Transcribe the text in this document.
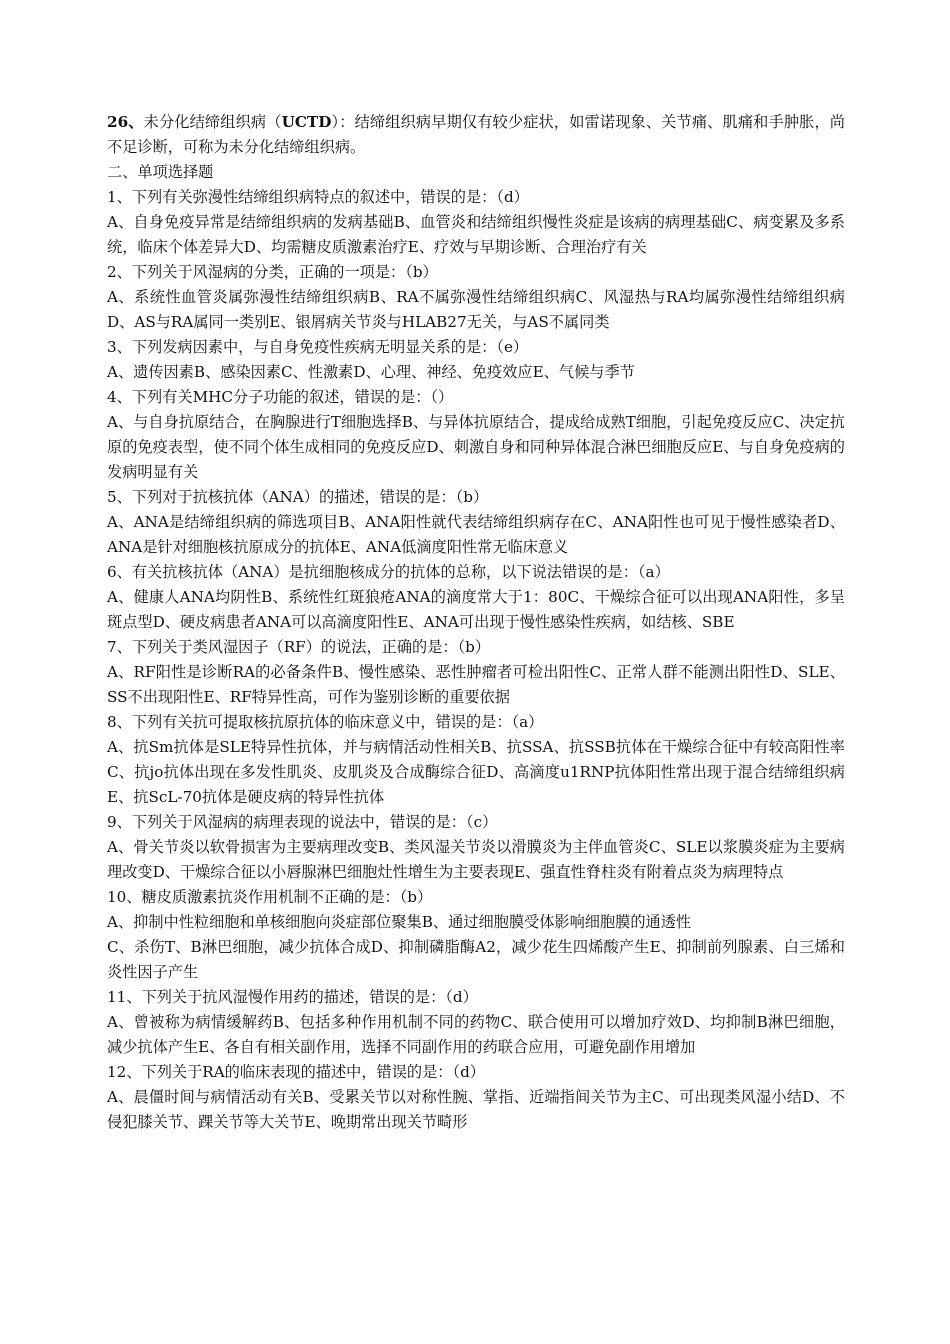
26、未分化结缔组织病（UCTD）：结缔组织病早期仅有较少症状，如雷诺现象、关节痛、肌痛和手肿胀，尚不足诊断，可称为未分化结缔组织病。

二、单项选择题

1、下列有关弥漫性结缔组织病特点的叙述中，错误的是：（d）

A、自身免疫异常是结缔组织病的发病基础B、血管炎和结缔组织慢性炎症是该病的病理基础C、病变累及多系统，临床个体差异大D、均需糖皮质激素治疗E、疗效与早期诊断、合理治疗有关

2、下列关于风湿病的分类，正确的一项是：（b）

A、系统性血管炎属弥漫性结缔组织病B、RA不属弥漫性结缔组织病C、风湿热与RA均属弥漫性结缔组织病D、AS与RA属同一类别E、银屑病关节炎与HLAB27无关，与AS不属同类

3、下列发病因素中，与自身免疫性疾病无明显关系的是：（e）

A、遗传因素B、感染因素C、性激素D、心理、神经、免疫效应E、气候与季节

4、下列有关MHC分子功能的叙述，错误的是：（）

A、与自身抗原结合，在胸腺进行T细胞选择B、与异体抗原结合，提成给成熟T细胞，引起免疫反应C、决定抗原的免疫表型，使不同个体生成相同的免疫反应D、刺激自身和同种异体混合淋巴细胞反应E、与自身免疫病的发病明显有关

5、下列对于抗核抗体（ANA）的描述，错误的是：（b）

A、ANA是结缔组织病的筛选项目B、ANA阳性就代表结缔组织病存在C、ANA阳性也可见于慢性感染者D、ANA是针对细胞核抗原成分的抗体E、ANA低滴度阳性常无临床意义

6、有关抗核抗体（ANA）是抗细胞核成分的抗体的总称，以下说法错误的是：（a）

A、健康人ANA均阴性B、系统性红斑狼疮ANA的滴度常大于1：80C、干燥综合征可以出现ANA阳性，多呈斑点型D、硬皮病患者ANA可以高滴度阳性E、ANA可出现于慢性感染性疾病，如结核、SBE

7、下列关于类风湿因子（RF）的说法，正确的是：（b）

A、RF阳性是诊断RA的必备条件B、慢性感染、恶性肿瘤者可检出阳性C、正常人群不能测出阳性D、SLE、SS不出现阳性E、RF特异性高，可作为鉴别诊断的重要依据

8、下列有关抗可提取核抗原抗体的临床意义中，错误的是：（a）

A、抗Sm抗体是SLE特异性抗体，并与病情活动性相关B、抗SSA、抗SSB抗体在干燥综合征中有较高阳性率C、抗jo抗体出现在多发性肌炎、皮肌炎及合成酶综合征D、高滴度u1RNP抗体阳性常出现于混合结缔组织病E、抗ScL-70抗体是硬皮病的特异性抗体

9、下列关于风湿病的病理表现的说法中，错误的是：（c）

A、骨关节炎以软骨损害为主要病理改变B、类风湿关节炎以滑膜炎为主伴血管炎C、SLE以浆膜炎症为主要病理改变D、干燥综合征以小唇腺淋巴细胞灶性增生为主要表现E、强直性脊柱炎有附着点炎为病理特点

10、糖皮质激素抗炎作用机制不正确的是：（b）

A、抑制中性粒细胞和单核细胞向炎症部位聚集B、通过细胞膜受体影响细胞膜的通透性

C、杀伤T、B淋巴细胞，减少抗体合成D、抑制磷脂酶A2，减少花生四烯酸产生E、抑制前列腺素、白三烯和炎性因子产生

11、下列关于抗风湿慢作用药的描述，错误的是：（d）

A、曾被称为病情缓解药B、包括多种作用机制不同的药物C、联合使用可以增加疗效D、均抑制B淋巴细胞，减少抗体产生E、各自有相关副作用，选择不同副作用的药联合应用，可避免副作用增加

12、下列关于RA的临床表现的描述中，错误的是：（d）

A、晨僵时间与病情活动有关B、受累关节以对称性腕、掌指、近端指间关节为主C、可出现类风湿小结D、不侵犯膝关节、踝关节等大关节E、晚期常出现关节畸形
